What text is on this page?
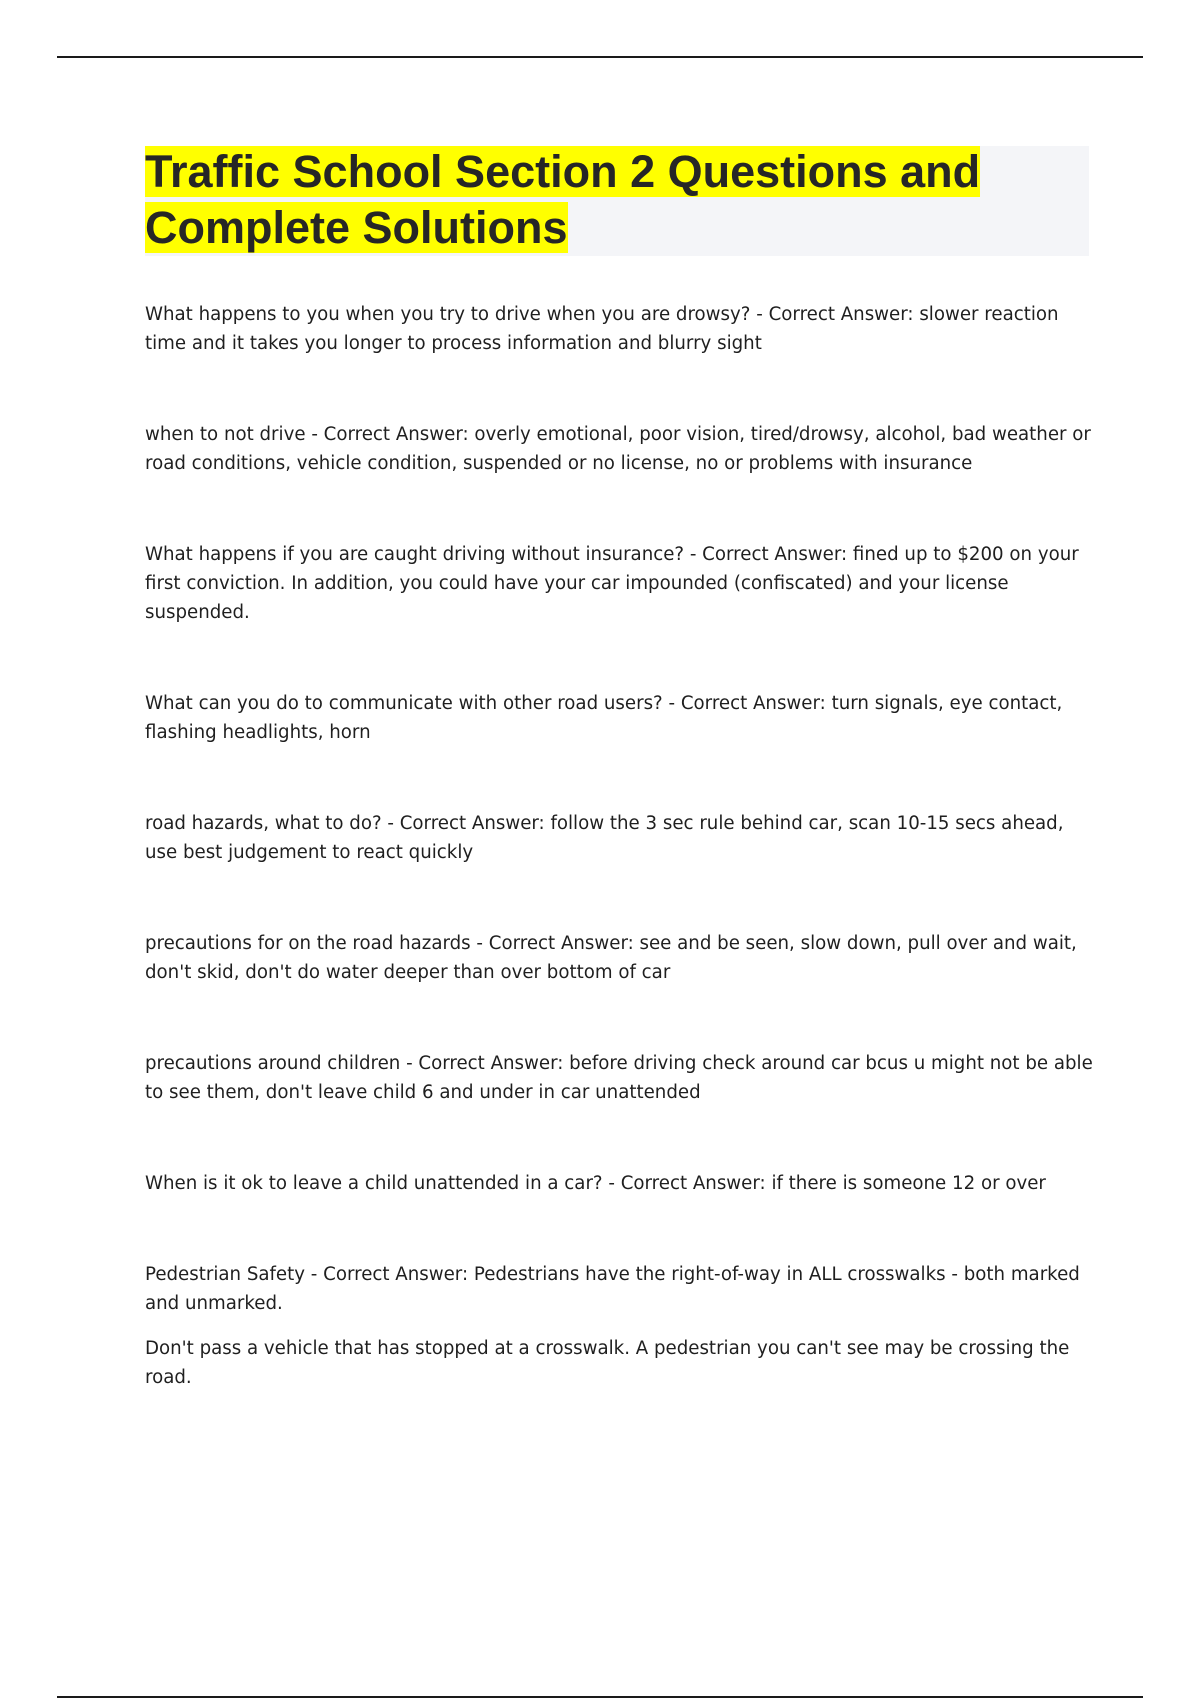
Traffic School Section 2 Questions and Complete Solutions

What happens to you when you try to drive when you are drowsy? - Correct Answer: slower reaction time and it takes you longer to process information and blurry sight

when to not drive - Correct Answer: overly emotional, poor vision, tired/drowsy, alcohol, bad weather or road conditions, vehicle condition, suspended or no license, no or problems with insurance

What happens if you are caught driving without insurance? - Correct Answer: fined up to $200 on your first conviction. In addition, you could have your car impounded (confiscated) and your license suspended.

What can you do to communicate with other road users? - Correct Answer: turn signals, eye contact, flashing headlights, horn

road hazards, what to do? - Correct Answer: follow the 3 sec rule behind car, scan 10-15 secs ahead, use best judgement to react quickly

precautions for on the road hazards - Correct Answer: see and be seen, slow down, pull over and wait, don't skid, don't do water deeper than over bottom of car

precautions around children - Correct Answer: before driving check around car bcus u might not be able to see them, don't leave child 6 and under in car unattended

When is it ok to leave a child unattended in a car? - Correct Answer: if there is someone 12 or over

Pedestrian Safety - Correct Answer: Pedestrians have the right-of-way in ALL crosswalks - both marked and unmarked.

Don't pass a vehicle that has stopped at a crosswalk. A pedestrian you can't see may be crossing the road.
